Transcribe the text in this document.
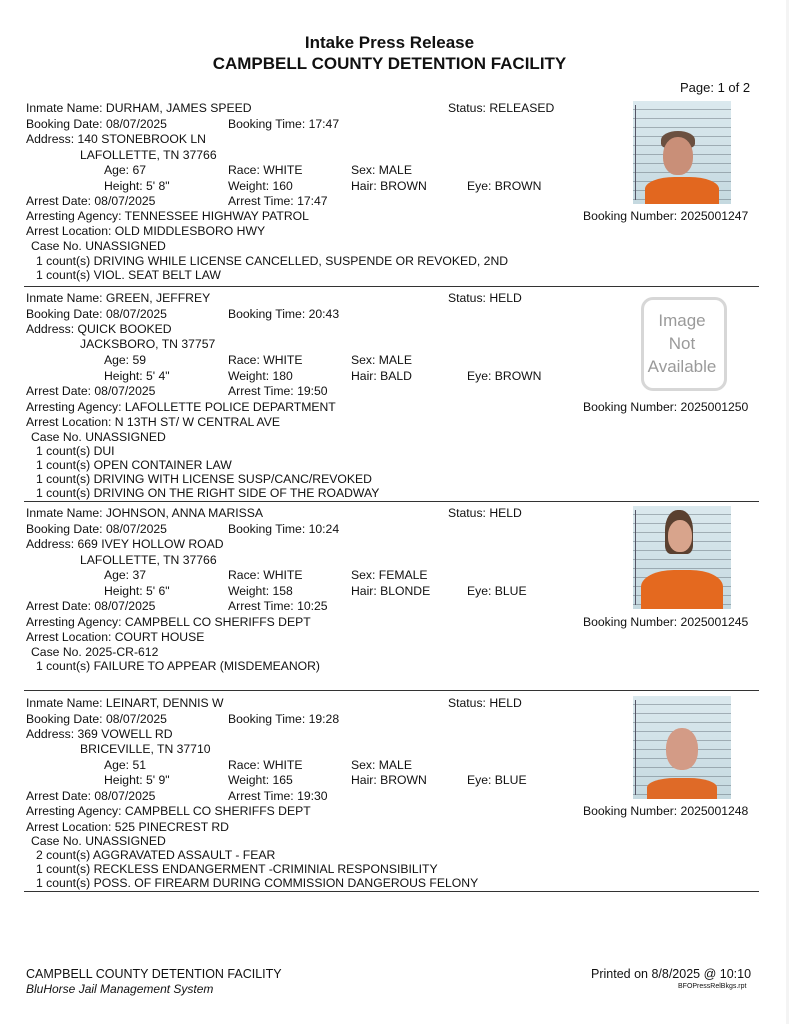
Intake Press Release
CAMPBELL COUNTY DETENTION FACILITY
Page: 1 of 2
Inmate Name: DURHAM, JAMES SPEED	Status: RELEASED
Booking Date: 08/07/2025	Booking Time: 17:47
Address: 140 STONEBROOK LN
LAFOLLETTE, TN 37766
Age: 67	Race: WHITE	Sex: MALE
Height: 5' 8"	Weight: 160	Hair: BROWN	Eye: BROWN
Arrest Date: 08/07/2025	Arrest Time: 17:47
Arresting Agency: TENNESSEE HIGHWAY PATROL	Booking Number: 2025001247
Arrest Location: OLD MIDDLESBORO HWY
Case No. UNASSIGNED
1 count(s) DRIVING WHILE LICENSE CANCELLED, SUSPENDE OR REVOKED, 2ND
1 count(s) VIOL. SEAT BELT LAW
Inmate Name: GREEN, JEFFREY	Status: HELD
Booking Date: 08/07/2025	Booking Time: 20:43
Address: QUICK BOOKED
JACKSBORO, TN 37757
Age: 59	Race: WHITE	Sex: MALE
Height: 5' 4"	Weight: 180	Hair: BALD	Eye: BROWN
Arrest Date: 08/07/2025	Arrest Time: 19:50
Arresting Agency: LAFOLLETTE POLICE DEPARTMENT	Booking Number: 2025001250
Arrest Location: N 13TH ST/ W CENTRAL AVE
Case No. UNASSIGNED
1 count(s) DUI
1 count(s) OPEN CONTAINER LAW
1 count(s) DRIVING WITH LICENSE SUSP/CANC/REVOKED
1 count(s) DRIVING ON THE RIGHT SIDE OF THE ROADWAY
Image
Not
Available
Inmate Name: JOHNSON, ANNA MARISSA	Status: HELD
Booking Date: 08/07/2025	Booking Time: 10:24
Address: 669 IVEY HOLLOW ROAD
LAFOLLETTE, TN 37766
Age: 37	Race: WHITE	Sex: FEMALE
Height: 5' 6"	Weight: 158	Hair: BLONDE	Eye: BLUE
Arrest Date: 08/07/2025	Arrest Time: 10:25
Arresting Agency: CAMPBELL CO SHERIFFS DEPT	Booking Number: 2025001245
Arrest Location: COURT HOUSE
Case No. 2025-CR-612
1 count(s) FAILURE TO APPEAR (MISDEMEANOR)
Inmate Name: LEINART, DENNIS W	Status: HELD
Booking Date: 08/07/2025	Booking Time: 19:28
Address: 369 VOWELL RD
BRICEVILLE, TN 37710
Age: 51	Race: WHITE	Sex: MALE
Height: 5' 9"	Weight: 165	Hair: BROWN	Eye: BLUE
Arrest Date: 08/07/2025	Arrest Time: 19:30
Arresting Agency: CAMPBELL CO SHERIFFS DEPT	Booking Number: 2025001248
Arrest Location: 525 PINECREST RD
Case No. UNASSIGNED
2 count(s) AGGRAVATED ASSAULT - FEAR
1 count(s) RECKLESS ENDANGERMENT -CRIMINIAL RESPONSIBILITY
1 count(s) POSS. OF FIREARM DURING COMMISSION DANGEROUS FELONY
CAMPBELL COUNTY DETENTION FACILITY
BluHorse Jail Management System
Printed on 8/8/2025 @ 10:10
BFOPressRelBkgs.rpt
